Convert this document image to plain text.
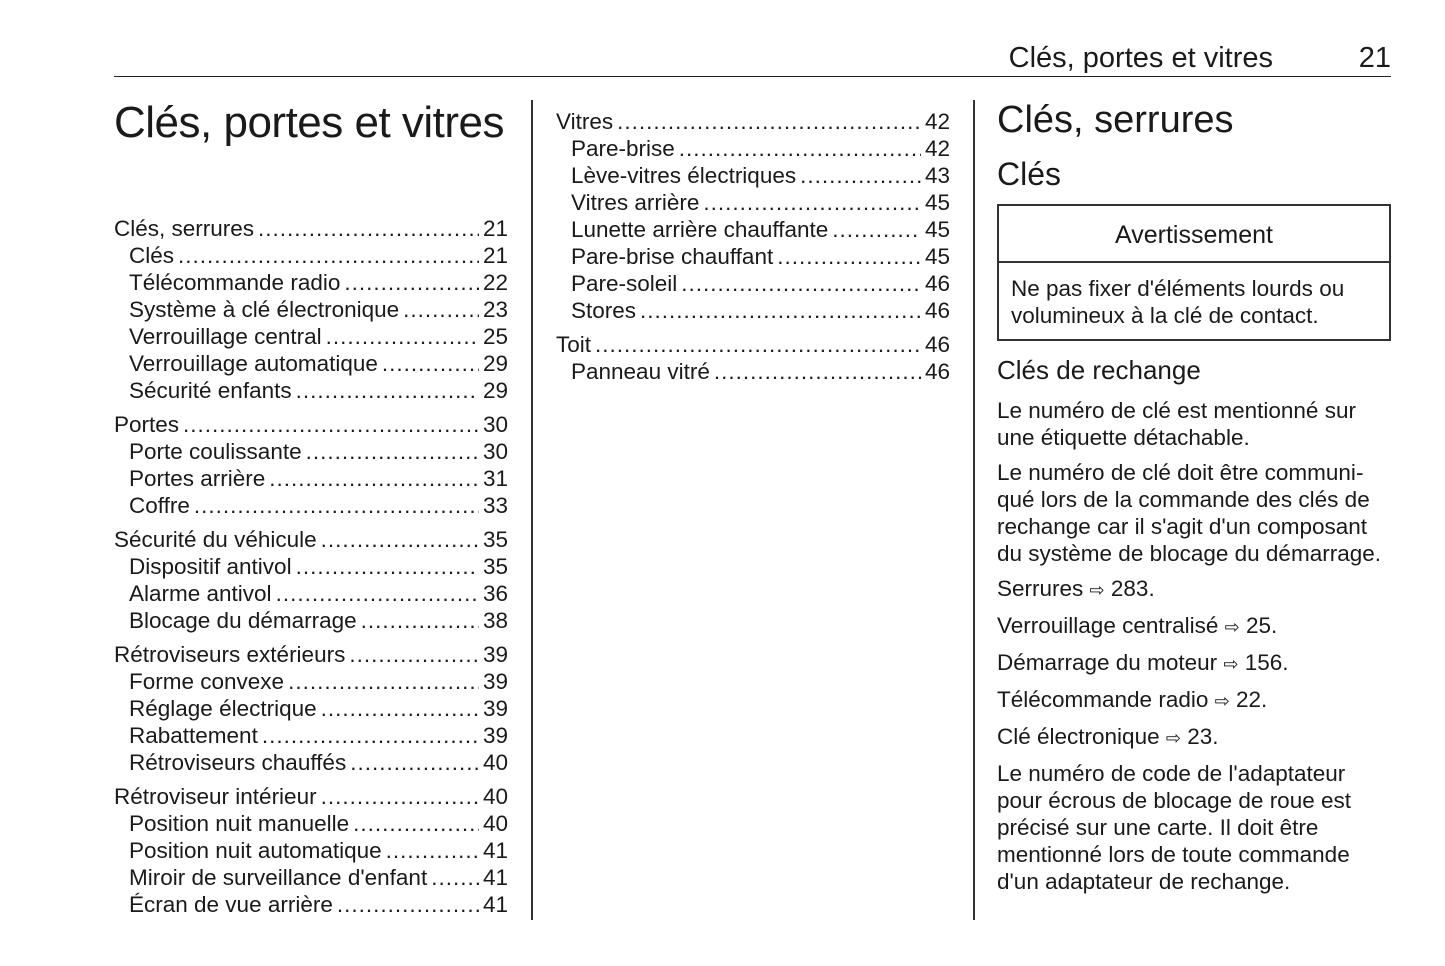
Clés, portes et vitres	21
Clés, portes et vitres
Clés, serrures .....	21
Clés .....	21
Télécommande radio .....	22
Système à clé électronique .....	23
Verrouillage central .....	25
Verrouillage automatique .....	29
Sécurité enfants .....	29
Portes .....	30
Porte coulissante .....	30
Portes arrière .....	31
Coffre .....	33
Sécurité du véhicule .....	35
Dispositif antivol .....	35
Alarme antivol .....	36
Blocage du démarrage .....	38
Rétroviseurs extérieurs .....	39
Forme convexe .....	39
Réglage électrique .....	39
Rabattement .....	39
Rétroviseurs chauffés .....	40
Rétroviseur intérieur .....	40
Position nuit manuelle .....	40
Position nuit automatique .....	41
Miroir de surveillance d'enfant ..... 41
Écran de vue arrière .....	41
Vitres .....	42
Pare-brise .....	42
Lève-vitres électriques .....	43
Vitres arrière .....	45
Lunette arrière chauffante .....	45
Pare-brise chauffant .....	45
Pare-soleil .....	46
Stores .....	46
Toit .....	46
Panneau vitré .....	46
Clés, serrures
Clés
Avertissement
Ne pas fixer d'éléments lourds ou volumineux à la clé de contact.
Clés de rechange

Le numéro de clé est mentionné sur une étiquette détachable.

Le numéro de clé doit être communiqué lors de la commande des clés de rechange car il s'agit d'un composant du système de blocage du démarrage.

Serrures ⇨ 283.

Verrouillage centralisé ⇨ 25.

Démarrage du moteur ⇨ 156.

Télécommande radio ⇨ 22.

Clé électronique ⇨ 23.

Le numéro de code de l'adaptateur pour écrous de blocage de roue est précisé sur une carte. Il doit être mentionné lors de toute commande d'un adaptateur de rechange.
